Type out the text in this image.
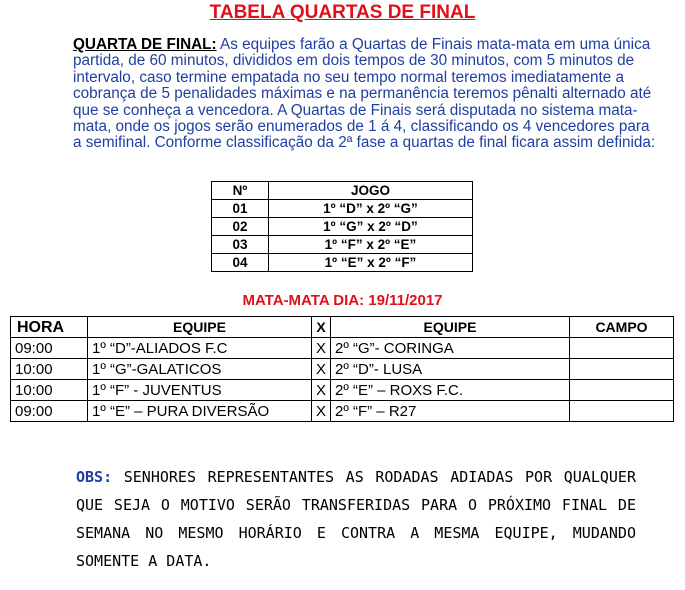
TABELA QUARTAS DE FINAL
QUARTA DE FINAL: As equipes farão a Quartas de Finais mata-mata em uma única partida, de 60 minutos, divididos em dois tempos de 30 minutos, com 5 minutos de intervalo, caso termine empatada no seu tempo normal teremos imediatamente a cobrança de 5 penalidades máximas e na permanência teremos pênalti alternado até que se conheça a vencedora. A Quartas de Finais será disputada no sistema mata-mata, onde os jogos serão enumerados de 1 á 4, classificando os 4 vencedores para a semifinal. Conforme classificação da 2ª fase a quartas de final ficara assim definida:
Nº	JOGO
01	1º “D” x 2º “G”
02	1º “G” x 2º “D”
03	1º “F” x 2º “E”
04	1º “E” x 2º “F”
MATA-MATA DIA: 19/11/2017
HORA	EQUIPE	X	EQUIPE	CAMPO
09:00	1º “D”-ALIADOS F.C	X	2º “G”- CORINGA	
10:00	1º “G”-GALATICOS	X	2º “D”- LUSA	
10:00	1º “F” - JUVENTUS	X	2º “E” – ROXS F.C.	
09:00	1º “E” – PURA DIVERSÃO	X	2º “F” – R27	
OBS: SENHORES REPRESENTANTES AS RODADAS ADIADAS POR QUALQUER QUE SEJA O MOTIVO SERÃO TRANSFERIDAS PARA O PRÓXIMO FINAL DE SEMANA NO MESMO HORÁRIO E CONTRA A MESMA EQUIPE, MUDANDO SOMENTE A DATA.
